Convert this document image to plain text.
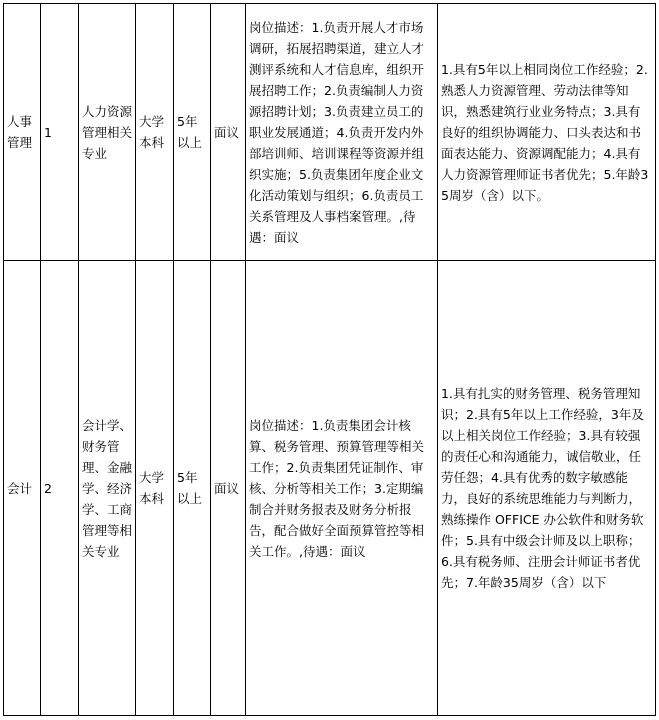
人事管理	1	人力资源管理相关专业	大学本科	5年以上	面议	岗位描述：1.负责开展人才市场调研，拓展招聘渠道，建立人才测评系统和人才信息库，组织开展招聘工作；2.负责编制人力资源招聘计划；3.负责建立员工的职业发展通道；4.负责开发内外部培训师、培训课程等资源并组织实施；5.负责集团年度企业文化活动策划与组织；6.负责员工关系管理及人事档案管理。,待遇：面议	1.具有5年以上相同岗位工作经验；2.熟悉人力资源管理、劳动法律等知识，熟悉建筑行业业务特点；3.具有良好的组织协调能力、口头表达和书面表达能力、资源调配能力；4.具有人力资源管理师证书者优先；5.年龄35周岁（含）以下。

会计	2	会计学、财务管理、金融学、经济学、工商管理等相关专业	大学本科	5年以上	面议	岗位描述：1.负责集团会计核算、税务管理、预算管理等相关工作；2.负责集团凭证制作、审核、分析等相关工作；3.定期编制合并财务报表及财务分析报告，配合做好全面预算管控等相关工作。,待遇：面议	1.具有扎实的财务管理、税务管理知识；2.具有5年以上工作经验，3年及以上相关岗位工作经验；3.具有较强的责任心和沟通能力，诚信敬业，任劳任怨；4.具有优秀的数字敏感能力，良好的系统思维能力与判断力，熟练操作 OFFICE 办公软件和财务软件；5.具有中级会计师及以上职称；6.具有税务师、注册会计师证书者优先；7.年龄35周岁（含）以下
